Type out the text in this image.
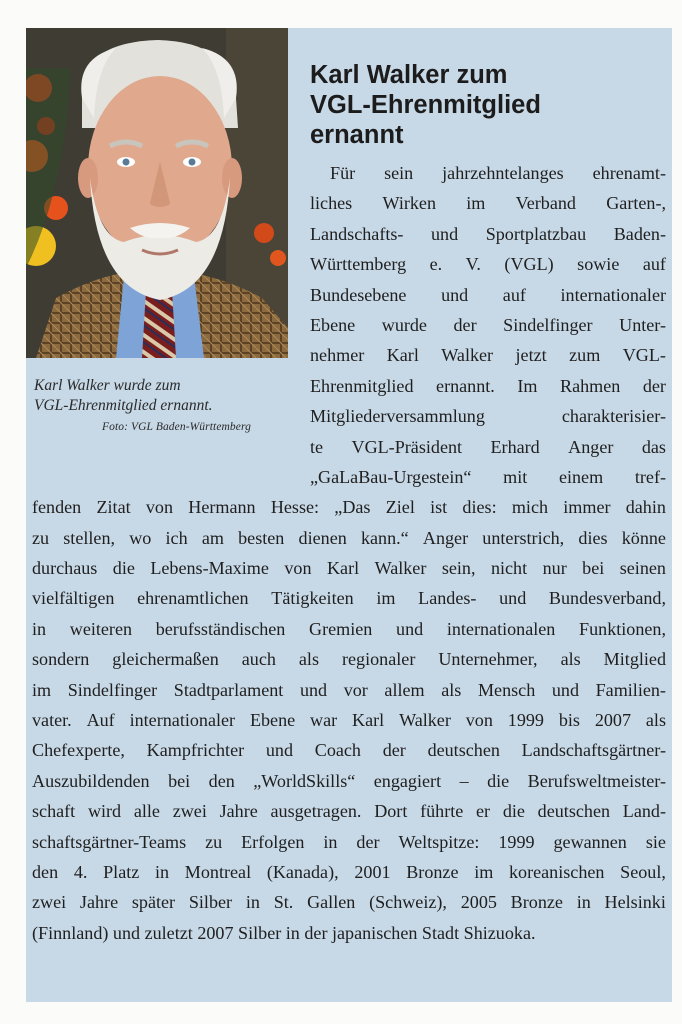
Karl Walker wurde zum
VGL-Ehrenmitglied ernannt.

Foto: VGL Baden-Württemberg
Karl Walker zum
VGL-Ehrenmitglied
ernannt
Für sein jahrzehntelanges ehrenamt-
liches Wirken im Verband Garten-,
Landschafts- und Sportplatzbau Baden-
Württemberg e. V. (VGL) sowie auf
Bundesebene und auf internationaler
Ebene wurde der Sindelfinger Unter-
nehmer Karl Walker jetzt zum VGL-
Ehrenmitglied ernannt. Im Rahmen der
Mitgliederversammlung	charakterisier-
te VGL-Präsident Erhard Anger das
„GaLaBau-Urgestein“ mit einem tref-
fenden Zitat von Hermann Hesse: „Das Ziel ist dies: mich immer dahin
zu stellen, wo ich am besten dienen kann.“ Anger unterstrich, dies könne
durchaus die Lebens-Maxime von Karl Walker sein, nicht nur bei seinen
vielfältigen ehrenamtlichen Tätigkeiten im Landes- und Bundesverband,
in weiteren berufsständischen Gremien und internationalen Funktionen,
sondern gleichermaßen auch als regionaler Unternehmer, als Mitglied
im Sindelfinger Stadtparlament und vor allem als Mensch und Familien-
vater. Auf internationaler Ebene war Karl Walker von 1999 bis 2007 als
Chefexperte, Kampfrichter und Coach der deutschen Landschaftsgärtner-
Auszubildenden bei den „WorldSkills“ engagiert – die Berufsweltmeister-
schaft wird alle zwei Jahre ausgetragen. Dort führte er die deutschen Land-
schaftsgärtner-Teams zu Erfolgen in der Weltspitze: 1999 gewannen sie
den 4. Platz in Montreal (Kanada), 2001 Bronze im koreanischen Seoul,
zwei Jahre später Silber in St. Gallen (Schweiz), 2005 Bronze in Helsinki
(Finnland) und zuletzt 2007 Silber in der japanischen Stadt Shizuoka.
